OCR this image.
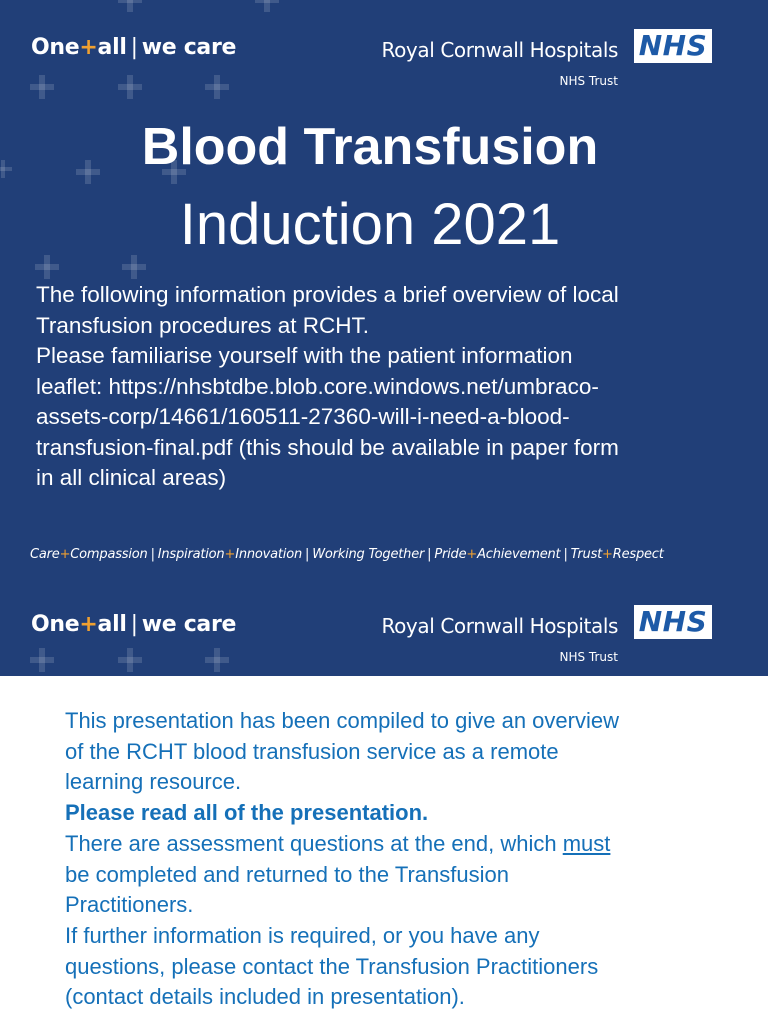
One+all | we care	Royal Cornwall Hospitals
NHS Trust
NHS
Blood Transfusion
Induction 2021

The following information provides a brief overview of local

Transfusion procedures at RCHT.

Please familiarise yourself with the patient information

leaflet: https://nhsbtdbe.blob.core.windows.net/umbraco-

assets-corp/14661/160511-27360-will-i-need-a-blood-

transfusion-final.pdf (this should be available in paper form

in all clinical areas)

Care+Compassion | Inspiration+Innovation | Working Together | Pride+Achievement | Trust+Respect
One+all | we care	Royal Cornwall Hospitals
NHS Trust
NHS

This presentation has been compiled to give an overview

of the RCHT blood transfusion service as a remote

learning resource.

Please read all of the presentation.

There are assessment questions at the end, which must

be completed and returned to the Transfusion

Practitioners.

If further information is required, or you have any

questions, please contact the Transfusion Practitioners

(contact details included in presentation).
